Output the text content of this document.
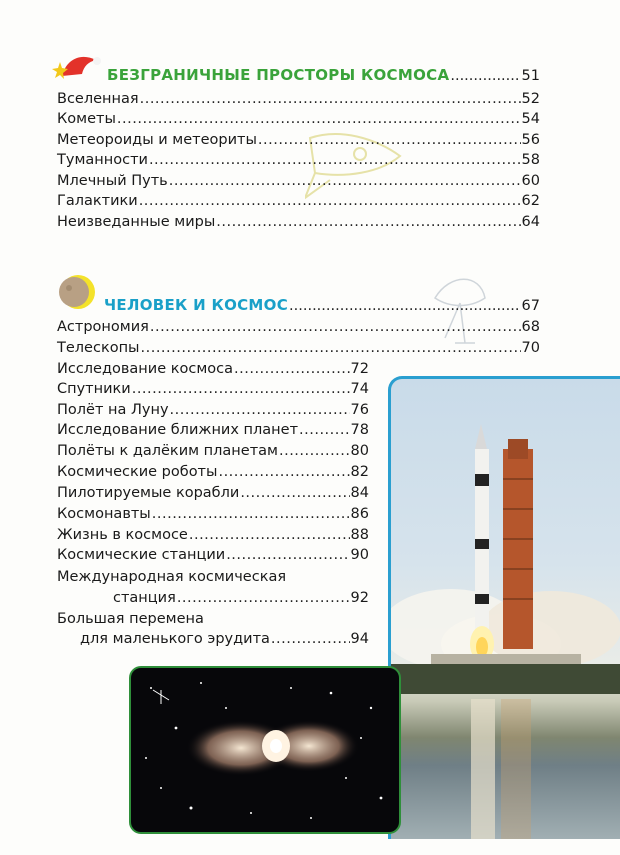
БЕЗГРАНИЧНЫЕ ПРОСТОРЫ КОСМОСА .....	51
Вселенная .....	52
Кометы .....	54
Метеороиды и метеориты .....	56
Туманности .....	58
Млечный Путь .....	60
Галактики .....	62
Неизведанные миры .....	64
ЧЕЛОВЕК И КОСМОС .....	67
Астрономия .....	68
Телескопы .....	70
Исследование космоса .....	72
Спутники .....	74
Полёт на Луну .....	76
Исследование ближних планет .....	78
Полёты к далёким планетам .....	80
Космические роботы .....	82
Пилотируемые корабли .....	84
Космонавты .....	86
Жизнь в космосе .....	88
Космические станции .....	90
Международная космическая
станция .....	92
Большая перемена
для маленького эрудита .....	94
